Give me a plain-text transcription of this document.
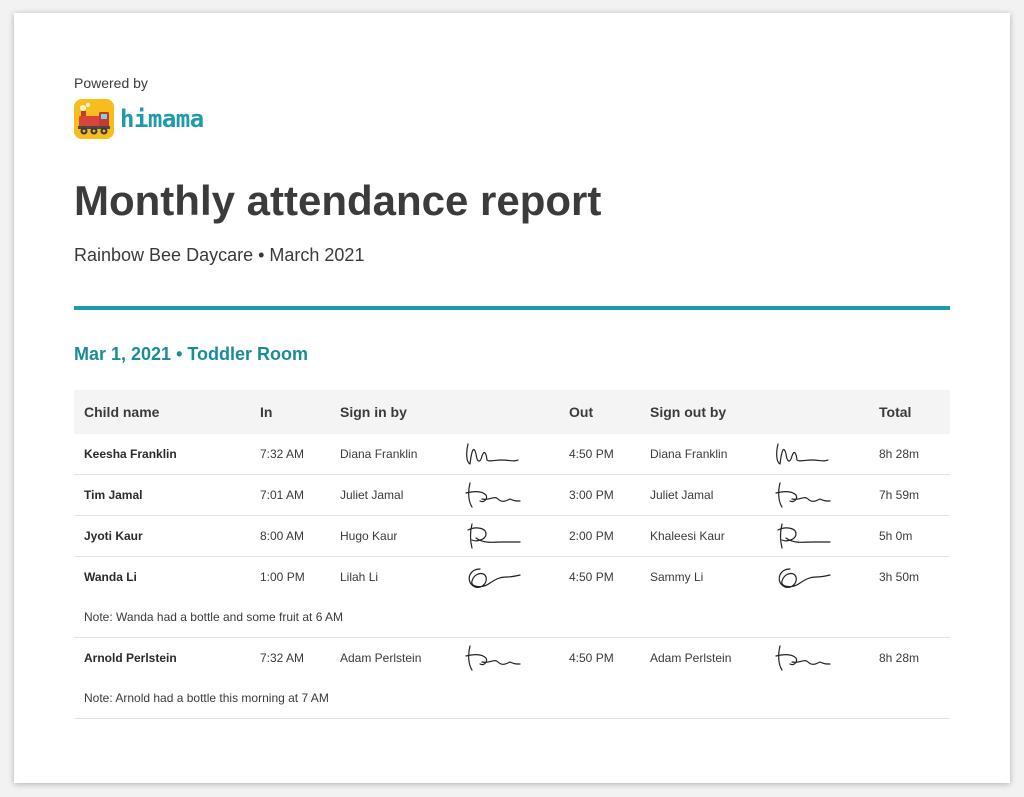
Powered by
himama
Monthly attendance report
Rainbow Bee Daycare • March 2021
Mar 1, 2021 • Toddler Room
Child name	In	Sign in by	Out	Sign out by	Total
Keesha Franklin	7:32 AM	Diana Franklin	4:50 PM	Diana Franklin	8h 28m
Tim Jamal	7:01 AM	Juliet Jamal	3:00 PM	Juliet Jamal	7h 59m
Jyoti Kaur	8:00 AM	Hugo Kaur	2:00 PM	Khaleesi Kaur	5h 0m
Wanda Li	1:00 PM	Lilah Li	4:50 PM	Sammy Li	3h 50m
Note: Wanda had a bottle and some fruit at 6 AM
Arnold Perlstein	7:32 AM	Adam Perlstein	4:50 PM	Adam Perlstein	8h 28m
Note: Arnold had a bottle this morning at 7 AM
